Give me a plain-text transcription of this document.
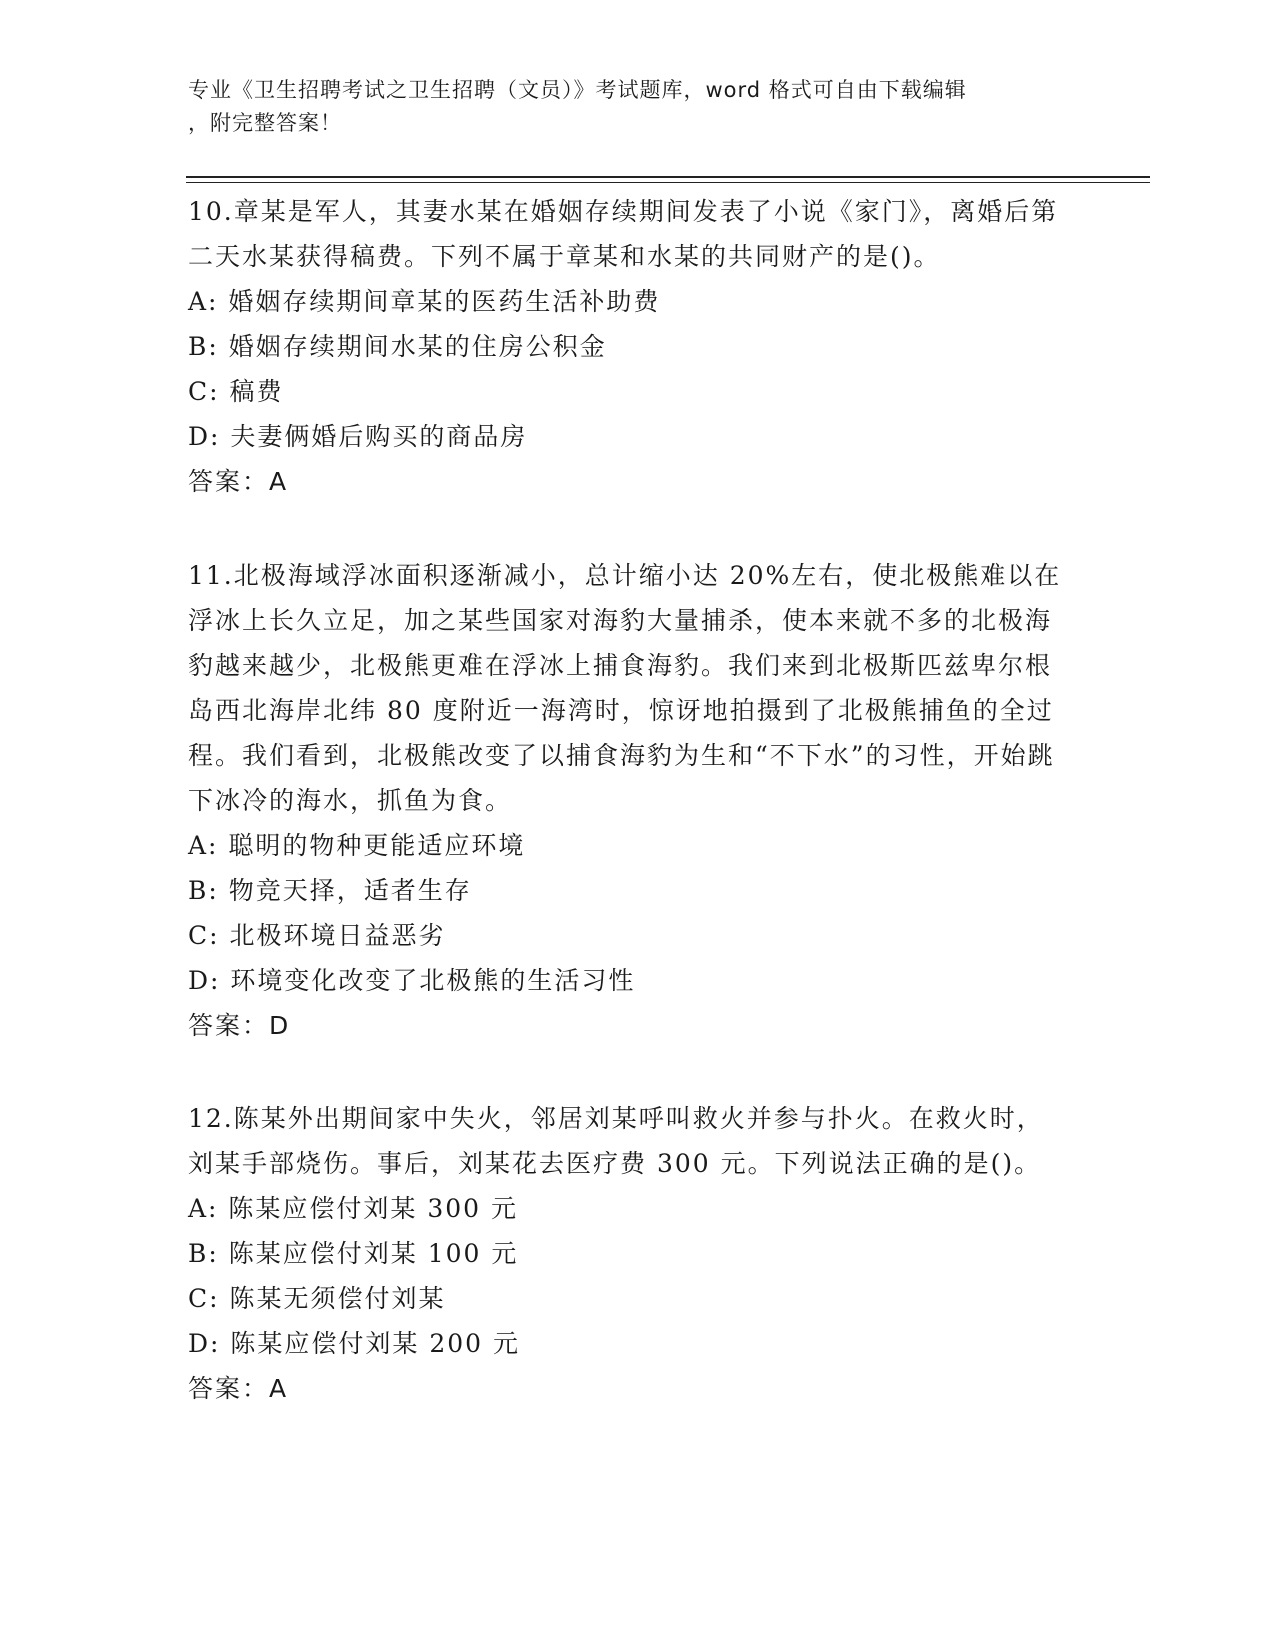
专业《卫生招聘考试之卫生招聘（文员）》考试题库，word 格式可自由下载编辑
，附完整答案！

10.章某是军人，其妻水某在婚姻存续期间发表了小说《家门》，离婚后第二天水某获得稿费。下列不属于章某和水某的共同财产的是()。

A: 婚姻存续期间章某的医药生活补助费

B: 婚姻存续期间水某的住房公积金

C: 稿费

D: 夫妻俩婚后购买的商品房

答案：A

11.北极海域浮冰面积逐渐减小，总计缩小达 20%左右，使北极熊难以在浮冰上长久立足，加之某些国家对海豹大量捕杀，使本来就不多的北极海豹越来越少，北极熊更难在浮冰上捕食海豹。我们来到北极斯匹兹卑尔根岛西北海岸北纬 80 度附近一海湾时，惊讶地拍摄到了北极熊捕鱼的全过程。我们看到，北极熊改变了以捕食海豹为生和“不下水”的习性，开始跳下冰冷的海水，抓鱼为食。

A: 聪明的物种更能适应环境

B: 物竞天择，适者生存

C: 北极环境日益恶劣

D: 环境变化改变了北极熊的生活习性

答案：D

12.陈某外出期间家中失火，邻居刘某呼叫救火并参与扑火。在救火时，刘某手部烧伤。事后，刘某花去医疗费 300 元。下列说法正确的是()。

A: 陈某应偿付刘某 300 元

B: 陈某应偿付刘某 100 元

C: 陈某无须偿付刘某

D: 陈某应偿付刘某 200 元

答案：A
